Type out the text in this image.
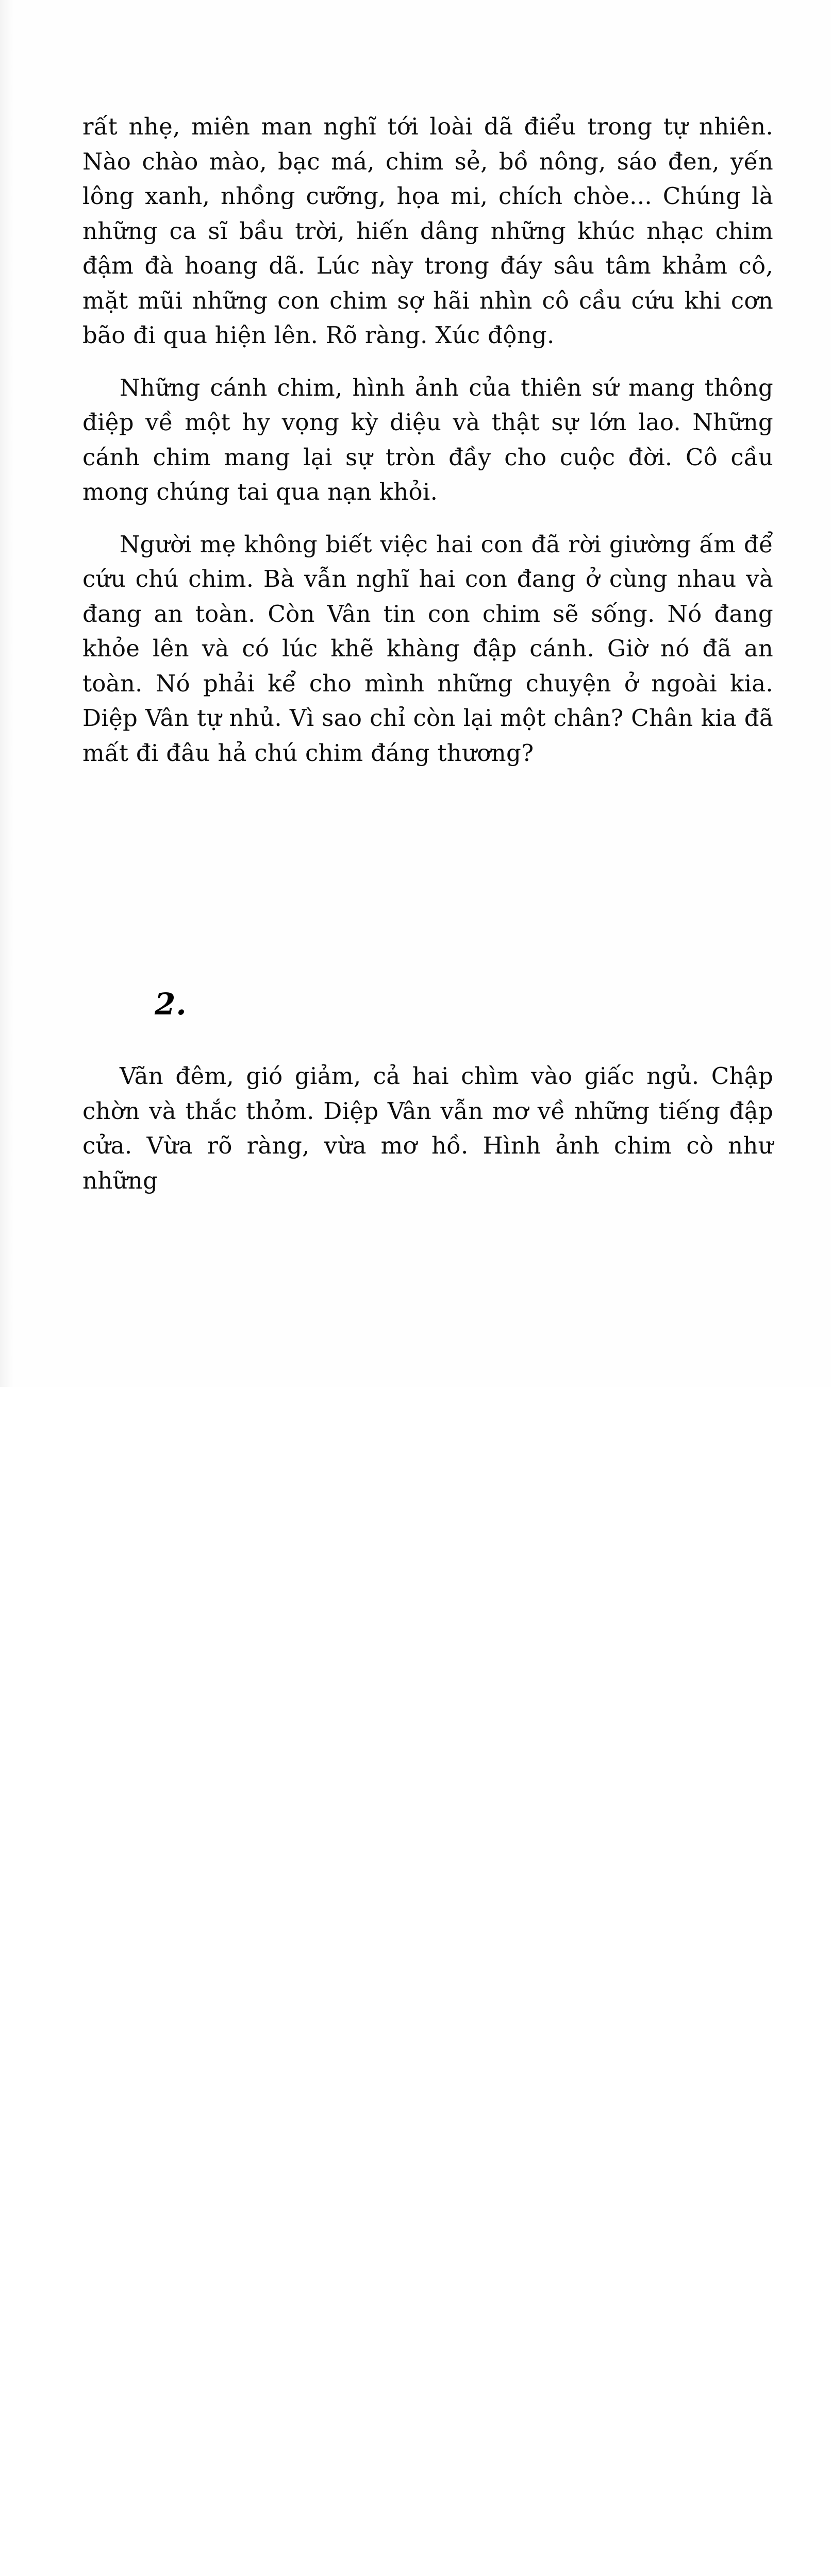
rất nhẹ, miên man nghĩ tới loài dã điểu trong tự nhiên. Nào chào mào, bạc má, chim sẻ, bồ nông, sáo đen, yến lông xanh, nhồng cưỡng, họa mi, chích chòe... Chúng là những ca sĩ bầu trời, hiến dâng những khúc nhạc chim đậm đà hoang dã. Lúc này trong đáy sâu tâm khảm cô, mặt mũi những con chim sợ hãi nhìn cô cầu cứu khi cơn bão đi qua hiện lên. Rõ ràng. Xúc động.

Những cánh chim, hình ảnh của thiên sứ mang thông điệp về một hy vọng kỳ diệu và thật sự lớn lao. Những cánh chim mang lại sự tròn đầy cho cuộc đời. Cô cầu mong chúng tai qua nạn khỏi.

Người mẹ không biết việc hai con đã rời giường ấm để cứu chú chim. Bà vẫn nghĩ hai con đang ở cùng nhau và đang an toàn. Còn Vân tin con chim sẽ sống. Nó đang khỏe lên và có lúc khẽ khàng đập cánh. Giờ nó đã an toàn. Nó phải kể cho mình những chuyện ở ngoài kia. Diệp Vân tự nhủ. Vì sao chỉ còn lại một chân? Chân kia đã mất đi đâu hả chú chim đáng thương?

2.

Vãn đêm, gió giảm, cả hai chìm vào giấc ngủ. Chập chờn và thắc thỏm. Diệp Vân vẫn mơ về những tiếng đập cửa. Vừa rõ ràng, vừa mơ hồ. Hình ảnh chim cò như những
